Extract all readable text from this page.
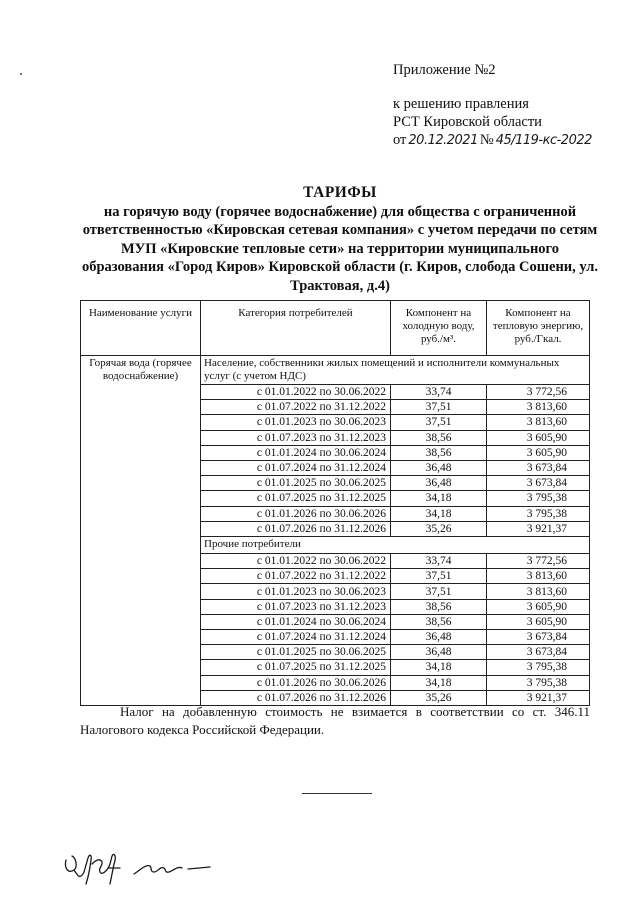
Приложение №2
к решению правления
РСТ Кировской области
от 20.12.2021 № 45/119-кс-2022
ТАРИФЫ
на горячую воду (горячее водоснабжение) для общества с ограниченной ответственностью «Кировская сетевая компания» с учетом передачи по сетям МУП «Кировские тепловые сети» на территории муниципального образования «Город Киров» Кировской области (г. Киров, слобода Сошени, ул. Трактовая, д.4)
Наименование услуги	Категория потребителей	Компонент на холодную воду, руб./м³.	Компонент на тепловую энергию, руб./Гкал.
Горячая вода (горячее водоснабжение)	Население, собственники жилых помещений и исполнители коммунальных услуг (с учетом НДС)		
	с 01.01.2022 по 30.06.2022	33,74	3 772,56
	с 01.07.2022 по 31.12.2022	37,51	3 813,60
	с 01.01.2023 по 30.06.2023	37,51	3 813,60
	с 01.07.2023 по 31.12.2023	38,56	3 605,90
	с 01.01.2024 по 30.06.2024	38,56	3 605,90
	с 01.07.2024 по 31.12.2024	36,48	3 673,84
	с 01.01.2025 по 30.06.2025	36,48	3 673,84
	с 01.07.2025 по 31.12.2025	34,18	3 795,38
	с 01.01.2026 по 30.06.2026	34,18	3 795,38
	с 01.07.2026 по 31.12.2026	35,26	3 921,37
	Прочие потребители		
	с 01.01.2022 по 30.06.2022	33,74	3 772,56
	с 01.07.2022 по 31.12.2022	37,51	3 813,60
	с 01.01.2023 по 30.06.2023	37,51	3 813,60
	с 01.07.2023 по 31.12.2023	38,56	3 605,90
	с 01.01.2024 по 30.06.2024	38,56	3 605,90
	с 01.07.2024 по 31.12.2024	36,48	3 673,84
	с 01.01.2025 по 30.06.2025	36,48	3 673,84
	с 01.07.2025 по 31.12.2025	34,18	3 795,38
	с 01.01.2026 по 30.06.2026	34,18	3 795,38
	с 01.07.2026 по 31.12.2026	35,26	3 921,37
Налог на добавленную стоимость не взимается в соответствии со ст. 346.11 Налогового кодекса Российской Федерации.
